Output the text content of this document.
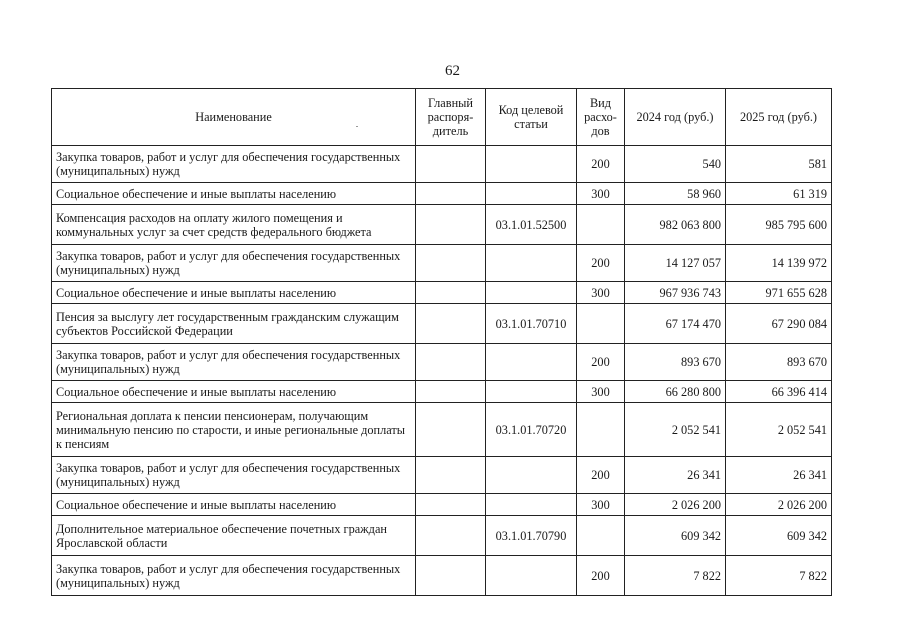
62
Наименование	Главный распоря-дитель	Код целевой статьи	Вид расхо-дов	2024 год (руб.)	2025 год (руб.)
Закупка товаров, работ и услуг для обеспечения государственных (муниципальных) нужд			200	540	581
Социальное обеспечение и иные выплаты населению			300	58 960	61 319
Компенсация расходов на оплату жилого помещения и коммунальных услуг за счет средств федерального бюджета		03.1.01.52500		982 063 800	985 795 600
Закупка товаров, работ и услуг для обеспечения государственных (муниципальных) нужд			200	14 127 057	14 139 972
Социальное обеспечение и иные выплаты населению			300	967 936 743	971 655 628
Пенсия за выслугу лет государственным гражданским служащим субъектов Российской Федерации		03.1.01.70710		67 174 470	67 290 084
Закупка товаров, работ и услуг для обеспечения государственных (муниципальных) нужд			200	893 670	893 670
Социальное обеспечение и иные выплаты населению			300	66 280 800	66 396 414
Региональная доплата к пенсии пенсионерам, получающим минимальную пенсию по старости, и иные региональные доплаты к пенсиям		03.1.01.70720		2 052 541	2 052 541
Закупка товаров, работ и услуг для обеспечения государственных (муниципальных) нужд			200	26 341	26 341
Социальное обеспечение и иные выплаты населению			300	2 026 200	2 026 200
Дополнительное материальное обеспечение почетных граждан Ярославской области		03.1.01.70790		609 342	609 342
Закупка товаров, работ и услуг для обеспечения государственных (муниципальных) нужд			200	7 822	7 822
